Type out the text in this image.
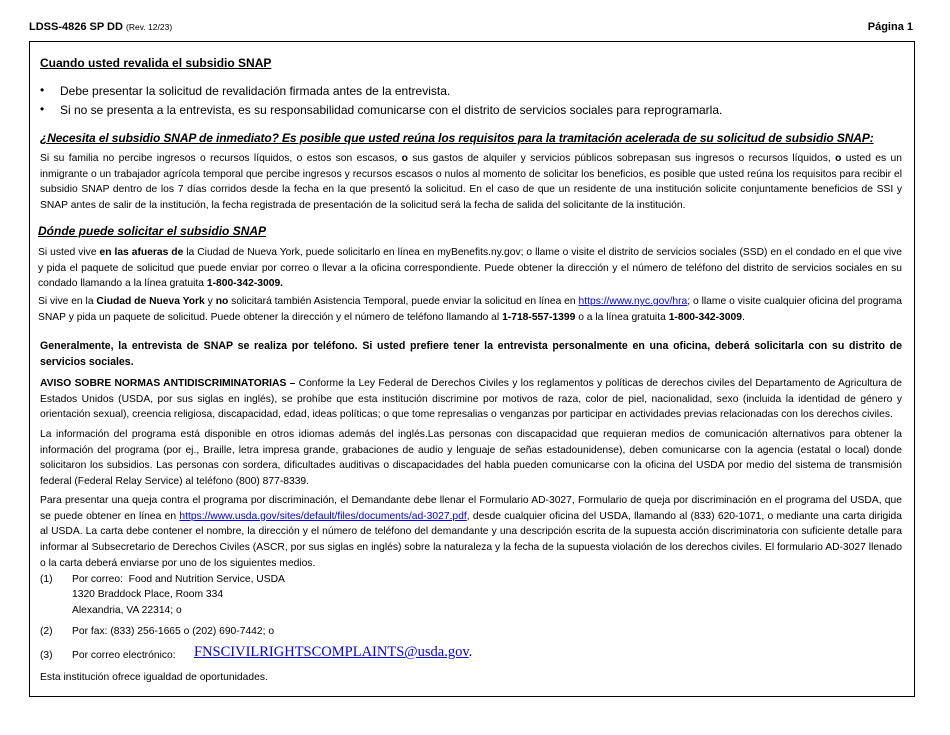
LDSS-4826 SP DD (Rev. 12/23)	Página 1
Cuando usted revalida el subsidio SNAP
• Debe presentar la solicitud de revalidación firmada antes de la entrevista.
• Si no se presenta a la entrevista, es su responsabilidad comunicarse con el distrito de servicios sociales para reprogramarla.
¿Necesita el subsidio SNAP de inmediato? Es posible que usted reúna los requisitos para la tramitación acelerada de su solicitud de subsidio SNAP:
Si su familia no percibe ingresos o recursos líquidos, o estos son escasos, o sus gastos de alquiler y servicios públicos sobrepasan sus ingresos o recursos líquidos, o usted es un inmigrante o un trabajador agrícola temporal que percibe ingresos y recursos escasos o nulos al momento de solicitar los beneficios, es posible que usted reúna los requisitos para recibir el subsidio SNAP dentro de los 7 días corridos desde la fecha en la que presentó la solicitud. En el caso de que un residente de una institución solicite conjuntamente beneficios de SSI y SNAP antes de salir de la institución, la fecha registrada de presentación de la solicitud será la fecha de salida del solicitante de la institución.
Dónde puede solicitar el subsidio SNAP
Si usted vive en las afueras de la Ciudad de Nueva York, puede solicitarlo en línea en myBenefits.ny.gov; o llame o visite el distrito de servicios sociales (SSD) en el condado en el que vive y pida el paquete de solicitud que puede enviar por correo o llevar a la oficina correspondiente. Puede obtener la dirección y el número de teléfono del distrito de servicios sociales en su condado llamando a la línea gratuita 1-800-342-3009.
Si vive en la Ciudad de Nueva York y no solicitará también Asistencia Temporal, puede enviar la solicitud en línea en https://www.nyc.gov/hra; o llame o visite cualquier oficina del programa SNAP y pida un paquete de solicitud. Puede obtener la dirección y el número de teléfono llamando al 1-718-557-1399 o a la línea gratuita 1-800-342-3009.
Generalmente, la entrevista de SNAP se realiza por teléfono. Si usted prefiere tener la entrevista personalmente en una oficina, deberá solicitarla con su distrito de servicios sociales.
AVISO SOBRE NORMAS ANTIDISCRIMINATORIAS – Conforme la Ley Federal de Derechos Civiles y los reglamentos y políticas de derechos civiles del Departamento de Agricultura de Estados Unidos (USDA, por sus siglas en inglés), se prohíbe que esta institución discrimine por motivos de raza, color de piel, nacionalidad, sexo (incluida la identidad de género y orientación sexual), creencia religiosa, discapacidad, edad, ideas políticas; o que tome represalias o venganzas por participar en actividades previas relacionadas con los derechos civiles.
La información del programa está disponible en otros idiomas además del inglés.Las personas con discapacidad que requieran medios de comunicación alternativos para obtener la información del programa (por ej., Braille, letra impresa grande, grabaciones de audio y lenguaje de señas estadounidense), deben comunicarse con la agencia (estatal o local) donde solicitaron los subsidios. Las personas con sordera, dificultades auditivas o discapacidades del habla pueden comunicarse con la oficina del USDA por medio del sistema de transmisión federal (Federal Relay Service) al teléfono (800) 877-8339.
Para presentar una queja contra el programa por discriminación, el Demandante debe llenar el Formulario AD-3027, Formulario de queja por discriminación en el programa del USDA, que se puede obtener en línea en https://www.usda.gov/sites/default/files/documents/ad-3027.pdf, desde cualquier oficina del USDA, llamando al (833) 620-1071, o mediante una carta dirigida al USDA. La carta debe contener el nombre, la dirección y el número de teléfono del demandante y una descripción escrita de la supuesta acción discriminatoria con suficiente detalle para informar al Subsecretario de Derechos Civiles (ASCR, por sus siglas en inglés) sobre la naturaleza y la fecha de la supuesta violación de los derechos civiles. El formulario AD-3027 llenado o la carta deberá enviarse por uno de los siguientes medios.
(1) Por correo: Food and Nutrition Service, USDA
1320 Braddock Place, Room 334
Alexandria, VA 22314; o
(2) Por fax: (833) 256-1665 o (202) 690-7442; o
(3) Por correo electrónico:	FNSCIVILRIGHTSCOMPLAINTS@usda.gov.
Esta institución ofrece igualdad de oportunidades.
